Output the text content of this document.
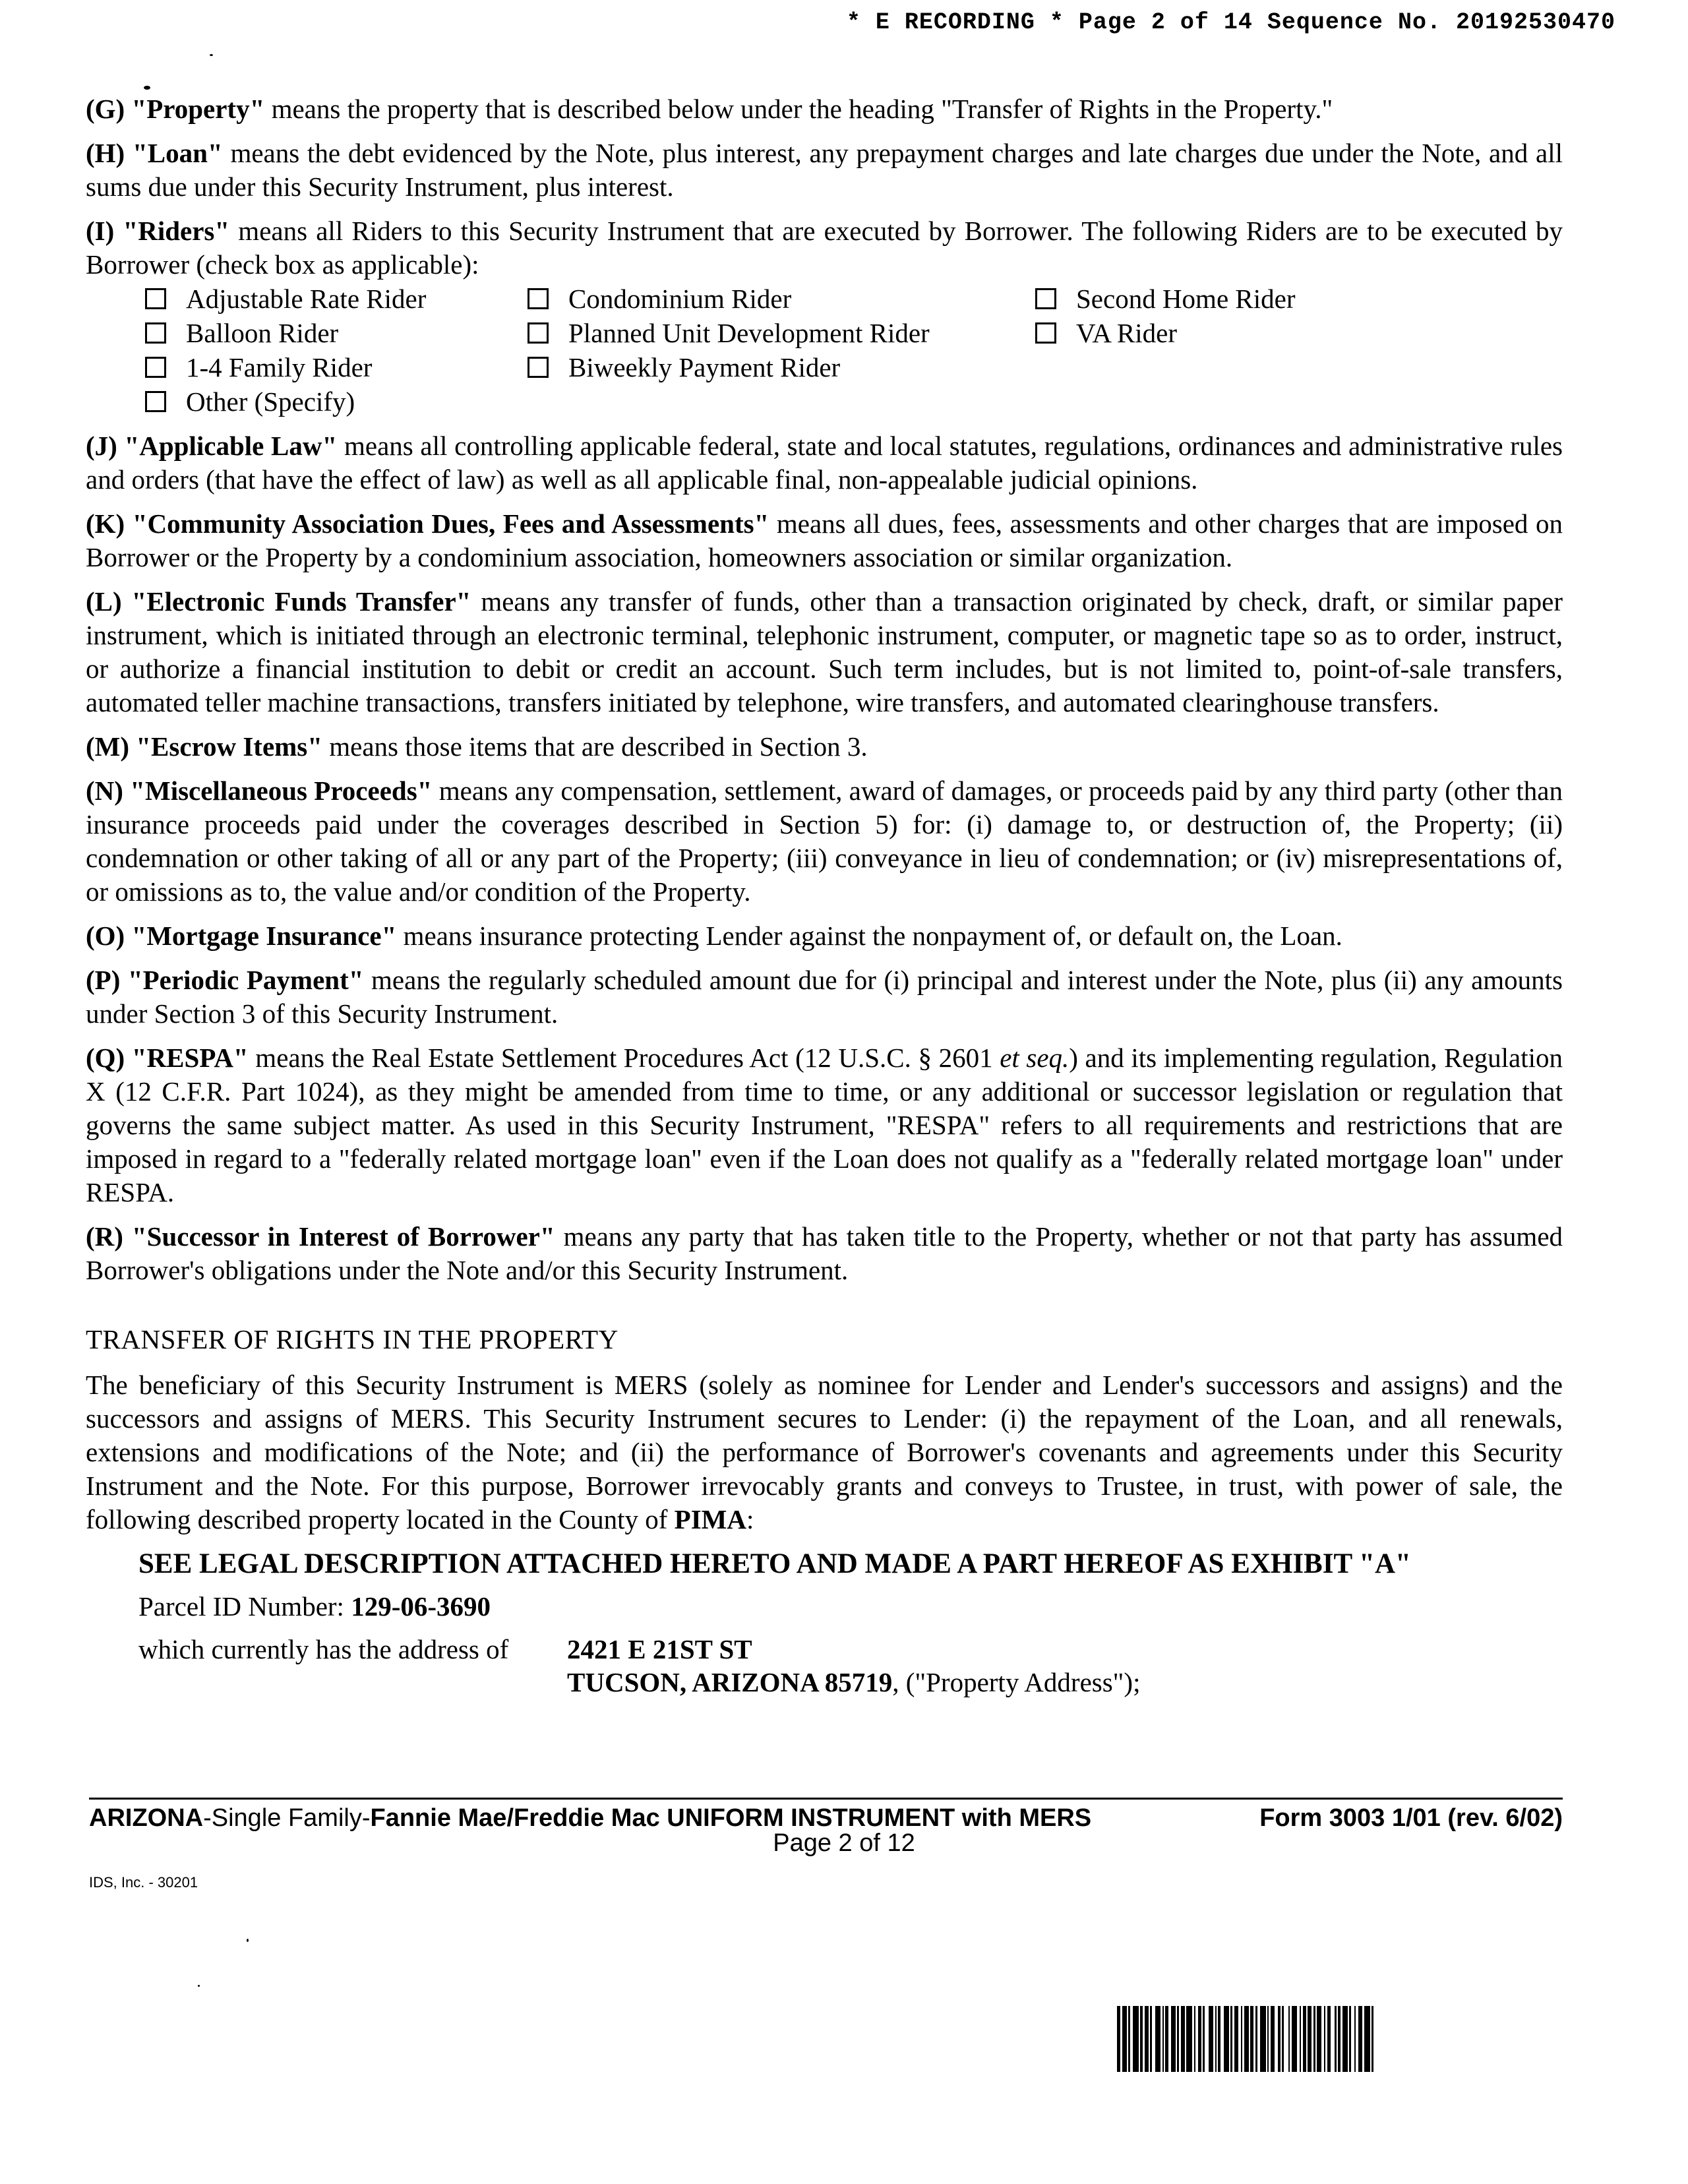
* E RECORDING * Page 2 of 14 Sequence No. 20192530470

(G) "Property" means the property that is described below under the heading "Transfer of Rights in the Property."

(H) "Loan" means the debt evidenced by the Note, plus interest, any prepayment charges and late charges due under the Note, and all sums due under this Security Instrument, plus interest.

(I) "Riders" means all Riders to this Security Instrument that are executed by Borrower. The following Riders are to be executed by Borrower (check box as applicable):

Adjustable Rate Rider	Condominium Rider	Second Home Rider
Balloon Rider	Planned Unit Development Rider	VA Rider
1-4 Family Rider	Biweekly Payment Rider
Other (Specify)

(J) "Applicable Law" means all controlling applicable federal, state and local statutes, regulations, ordinances and administrative rules and orders (that have the effect of law) as well as all applicable final, non-appealable judicial opinions.

(K) "Community Association Dues, Fees and Assessments" means all dues, fees, assessments and other charges that are imposed on Borrower or the Property by a condominium association, homeowners association or similar organization.

(L) "Electronic Funds Transfer" means any transfer of funds, other than a transaction originated by check, draft, or similar paper instrument, which is initiated through an electronic terminal, telephonic instrument, computer, or magnetic tape so as to order, instruct, or authorize a financial institution to debit or credit an account. Such term includes, but is not limited to, point-of-sale transfers, automated teller machine transactions, transfers initiated by telephone, wire transfers, and automated clearinghouse transfers.

(M) "Escrow Items" means those items that are described in Section 3.

(N) "Miscellaneous Proceeds" means any compensation, settlement, award of damages, or proceeds paid by any third party (other than insurance proceeds paid under the coverages described in Section 5) for: (i) damage to, or destruction of, the Property; (ii) condemnation or other taking of all or any part of the Property; (iii) conveyance in lieu of condemnation; or (iv) misrepresentations of, or omissions as to, the value and/or condition of the Property.

(O) "Mortgage Insurance" means insurance protecting Lender against the nonpayment of, or default on, the Loan.

(P) "Periodic Payment" means the regularly scheduled amount due for (i) principal and interest under the Note, plus (ii) any amounts under Section 3 of this Security Instrument.

(Q) "RESPA" means the Real Estate Settlement Procedures Act (12 U.S.C. § 2601 et seq.) and its implementing regulation, Regulation X (12 C.F.R. Part 1024), as they might be amended from time to time, or any additional or successor legislation or regulation that governs the same subject matter. As used in this Security Instrument, "RESPA" refers to all requirements and restrictions that are imposed in regard to a "federally related mortgage loan" even if the Loan does not qualify as a "federally related mortgage loan" under RESPA.

(R) "Successor in Interest of Borrower" means any party that has taken title to the Property, whether or not that party has assumed Borrower's obligations under the Note and/or this Security Instrument.

TRANSFER OF RIGHTS IN THE PROPERTY

The beneficiary of this Security Instrument is MERS (solely as nominee for Lender and Lender's successors and assigns) and the successors and assigns of MERS. This Security Instrument secures to Lender: (i) the repayment of the Loan, and all renewals, extensions and modifications of the Note; and (ii) the performance of Borrower's covenants and agreements under this Security Instrument and the Note. For this purpose, Borrower irrevocably grants and conveys to Trustee, in trust, with power of sale, the following described property located in the County of PIMA:

SEE LEGAL DESCRIPTION ATTACHED HERETO AND MADE A PART HEREOF AS EXHIBIT "A"
Parcel ID Number: 129-06-3690
which currently has the address of	2421 E 21ST ST
TUCSON, ARIZONA 85719, ("Property Address");
ARIZONA-Single Family-Fannie Mae/Freddie Mac UNIFORM INSTRUMENT with MERS	Form 3003 1/01 (rev. 6/02)
Page 2 of 12
IDS, Inc. - 30201
